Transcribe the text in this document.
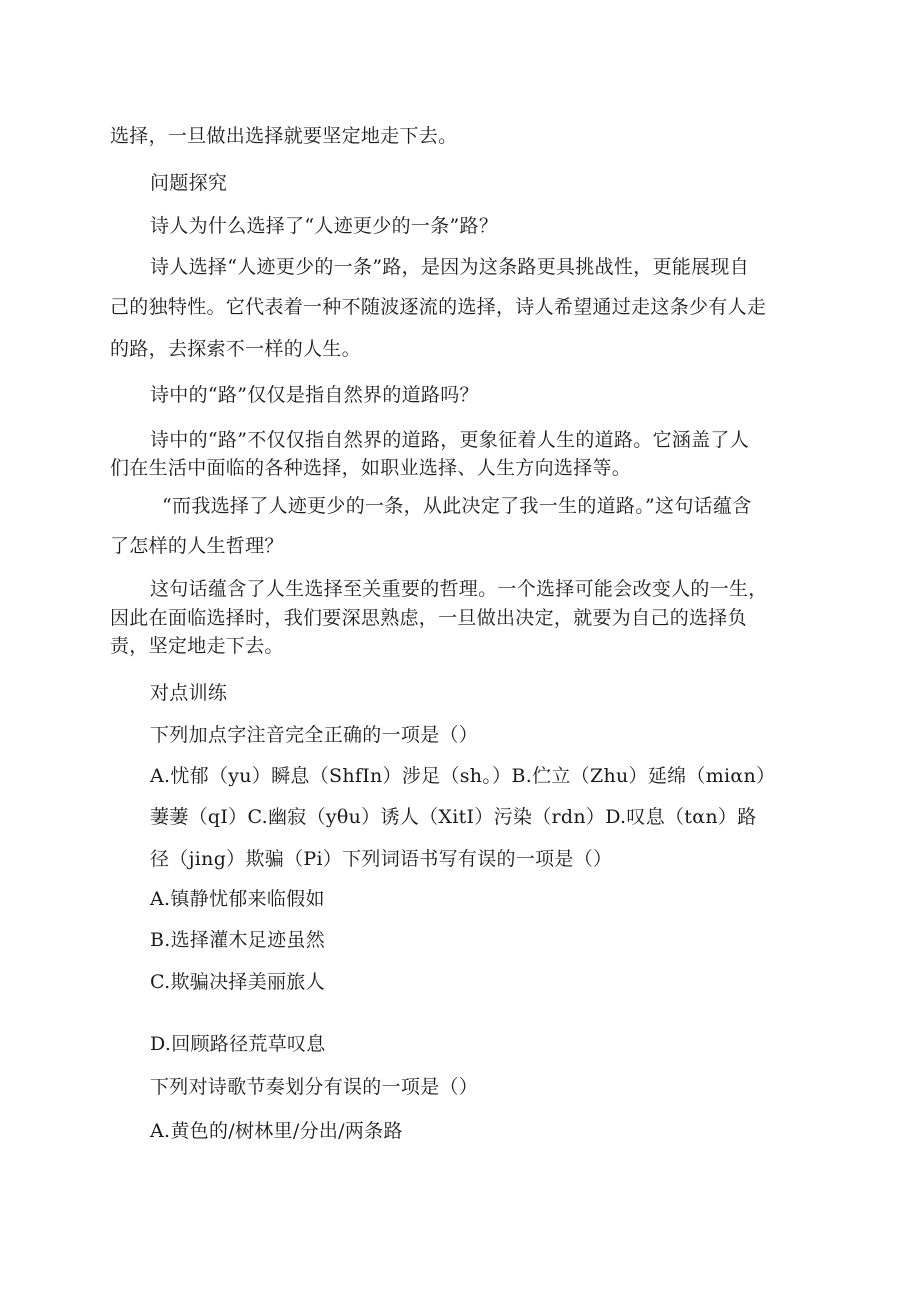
选择，一旦做出选择就要坚定地走下去。
问题探究
诗人为什么选择了“人迹更少的一条”路？
诗人选择“人迹更少的一条”路，是因为这条路更具挑战性，更能展现自
己的独特性。它代表着一种不随波逐流的选择，诗人希望通过走这条少有人走
的路，去探索不一样的人生。
诗中的“路”仅仅是指自然界的道路吗？
诗中的“路”不仅仅指自然界的道路，更象征着人生的道路。它涵盖了人
们在生活中面临的各种选择，如职业选择、人生方向选择等。
“而我选择了人迹更少的一条，从此决定了我一生的道路。”这句话蕴含
了怎样的人生哲理？
这句话蕴含了人生选择至关重要的哲理。一个选择可能会改变人的一生，
因此在面临选择时，我们要深思熟虑，一旦做出决定，就要为自己的选择负
责，坚定地走下去。
对点训练
下列加点字注音完全正确的一项是（）
A.忧郁（yu）瞬息（ShfIn）涉足（sh。）B.伫立（Zhu）延绵（miαn）
萋萋（qI）C.幽寂（yθu）诱人（XitI）污染（rdn）D.叹息（tαn）路
径（jing）欺骗（Pi）下列词语书写有误的一项是（）
A.镇静忧郁来临假如
B.选择灌木足迹虽然
C.欺骗决择美丽旅人
D.回顾路径荒草叹息
下列对诗歌节奏划分有误的一项是（）
A.黄色的/树林里/分出/两条路
